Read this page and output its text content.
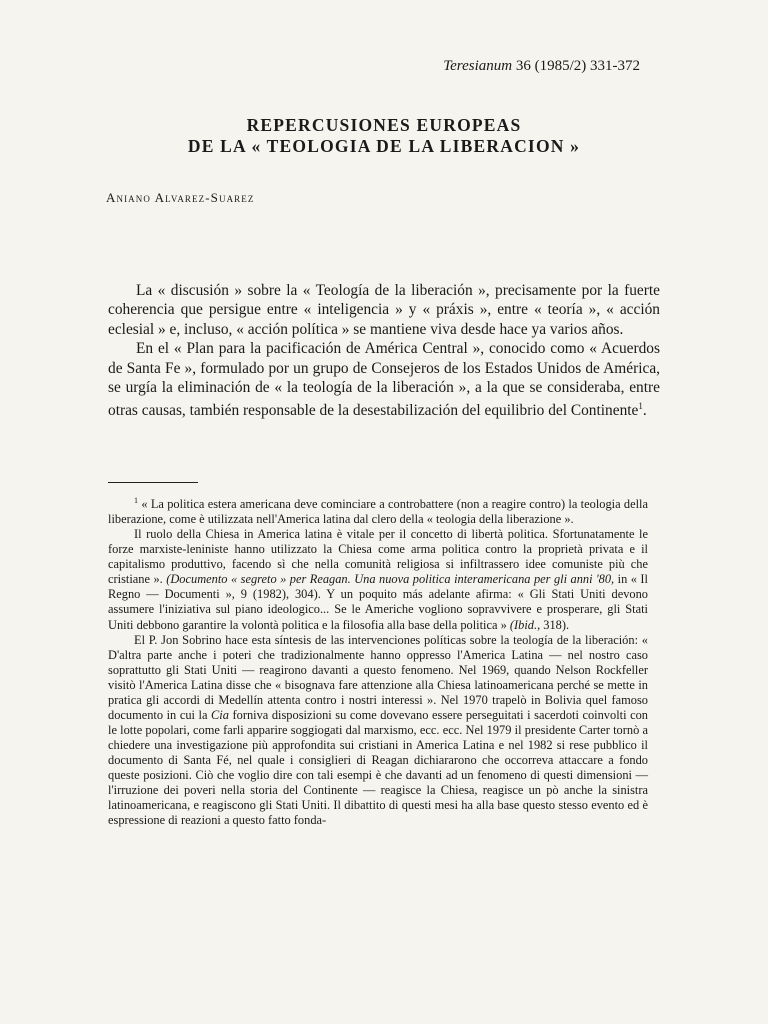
Teresianum 36 (1985/2) 331-372
REPERCUSIONES EUROPEAS
DE LA « TEOLOGIA DE LA LIBERACION »
Aniano Alvarez-Suarez

La « discusión » sobre la « Teología de la liberación », precisamente por la fuerte coherencia que persigue entre « inteligencia » y « práxis », entre « teoría », « acción eclesial » e, incluso, « acción política » se mantiene viva desde hace ya varios años.

En el « Plan para la pacificación de América Central », conocido como « Acuerdos de Santa Fe », formulado por un grupo de Consejeros de los Estados Unidos de América, se urgía la eliminación de « la teología de la liberación », a la que se consideraba, entre otras causas, también responsable de la desestabilización del equilibrio del Continente$^1$.

$^1$ « La politica estera americana deve cominciare a controbattere (non a reagire contro) la teologia della liberazione, come è utilizzata nell'America latina dal clero della « teologia della liberazione ».

Il ruolo della Chiesa in America latina è vitale per il concetto di libertà politica. Sfortunatamente le forze marxiste-leniniste hanno utilizzato la Chiesa come arma politica contro la proprietà privata e il capitalismo produttivo, facendo sì che nella comunità religiosa si infiltrassero idee comuniste più che cristiane ». (Documento « segreto » per Reagan. Una nuova politica interamericana per gli anni '80, in « Il Regno — Documenti », 9 (1982), 304). Y un poquito más adelante afirma: « Gli Stati Uniti devono assumere l'iniziativa sul piano ideologico... Se le Americhe vogliono sopravvivere e prosperare, gli Stati Uniti debbono garantire la volontà politica e la filosofia alla base della politica » (Ibid., 318).

El P. Jon Sobrino hace esta síntesis de las intervenciones políticas sobre la teología de la liberación: « D'altra parte anche i poteri che tradizionalmente hanno oppresso l'America Latina — nel nostro caso soprattutto gli Stati Uniti — reagirono davanti a questo fenomeno. Nel 1969, quando Nelson Rockfeller visitò l'America Latina disse che « bisognava fare attenzione alla Chiesa latinoamericana perché se mette in pratica gli accordi di Medellín attenta contro i nostri interessi ». Nel 1970 trapelò in Bolivia quel famoso documento in cui la Cia forniva disposizioni su come dovevano essere perseguitati i sacerdoti coinvolti con le lotte popolari, come farli apparire soggiogati dal marxismo, ecc. ecc. Nel 1979 il presidente Carter tornò a chiedere una investigazione più approfondita sui cristiani in America Latina e nel 1982 si rese pubblico il documento di Santa Fé, nel quale i consiglieri di Reagan dichiararono che occorreva attaccare a fondo queste posizioni. Ciò che voglio dire con tali esempi è che davanti ad un fenomeno di questi dimensioni — l'irruzione dei poveri nella storia del Continente — reagisce la Chiesa, reagisce un pò anche la sinistra latinoamericana, e reagiscono gli Stati Uniti. Il dibattito di questi mesi ha alla base questo stesso evento ed è espressione di reazioni a questo fatto fonda-
